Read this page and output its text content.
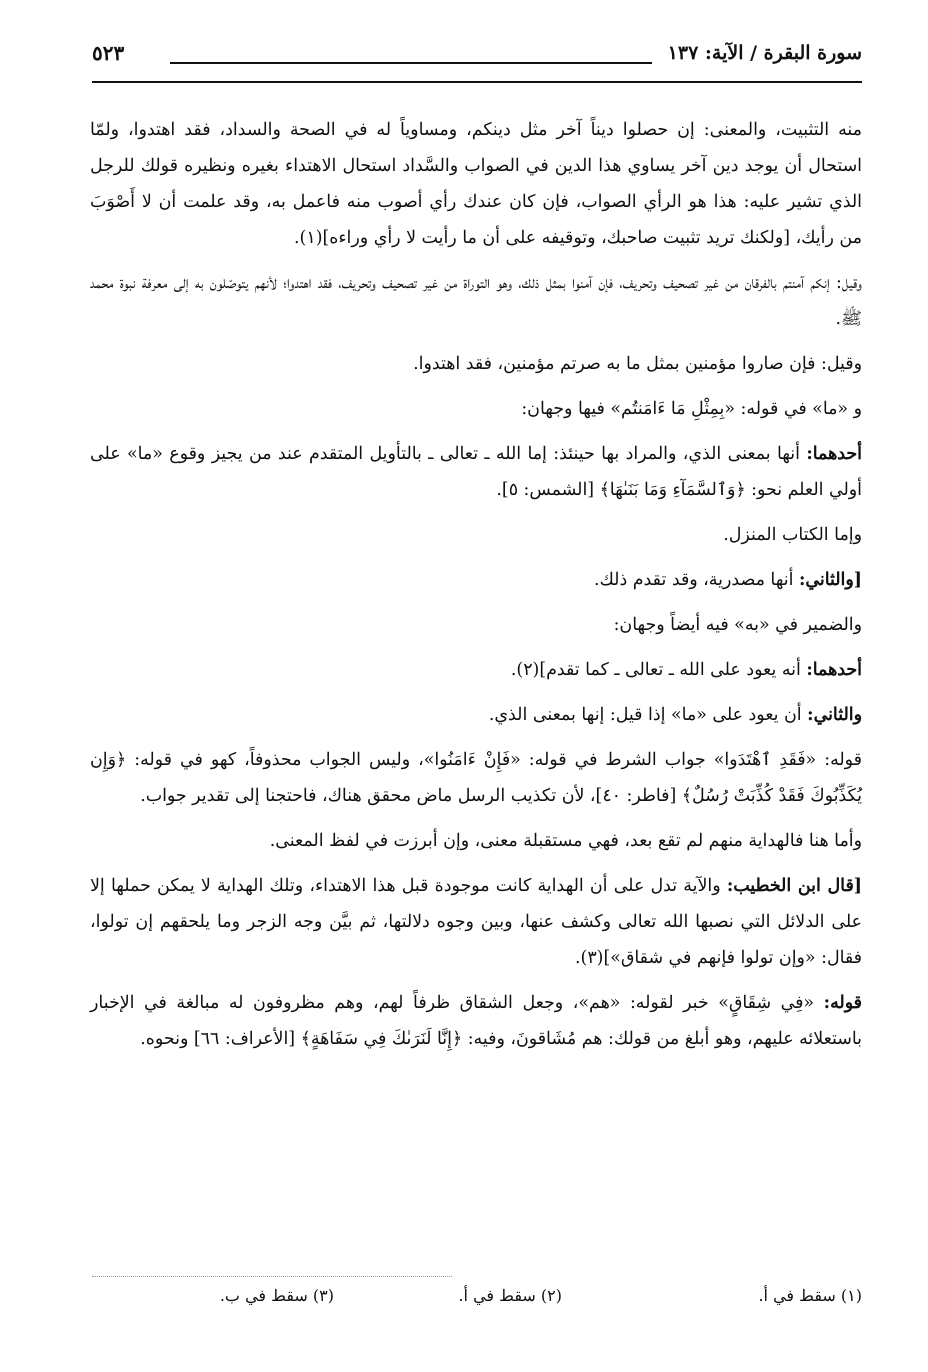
سورة البقرة / الآية: ١٣٧
٥٢٣

منه التثبيت، والمعنى: إن حصلوا ديناً آخر مثل دينكم، ومساوياً له في الصحة والسداد، فقد اهتدوا، ولمّا استحال أن يوجد دين آخر يساوي هذا الدين في الصواب والسَّداد استحال الاهتداء بغيره ونظيره قولك للرجل الذي تشير عليه: هذا هو الرأي الصواب، فإن كان عندك رأي أصوب منه فاعمل به، وقد علمت أن لا أَصْوَبَ من رأيك، [ولكنك تريد تثبيت صاحبك، وتوقيفه على أن ما رأيت لا رأي وراءه](١).

وقيل: إنكم آمنتم بالفرقان من غير تصحيف وتحريف، فإن آمنوا بمثل ذلك، وهو التوراة من غير تصحيف وتحريف، فقد اهتدوا؛ لأنهم يتوصّلون به إلى معرفة نبوة محمد ﷺ.

وقيل: فإن صاروا مؤمنين بمثل ما به صرتم مؤمنين، فقد اهتدوا.

و «ما» في قوله: «بِمِثْلِ مَا ءَامَنتُم» فيها وجهان:

أحدهما: أنها بمعنى الذي، والمراد بها حينئذ: إما الله ـ تعالى ـ بالتأويل المتقدم عند من يجيز وقوع «ما» على أولي العلم نحو: ﴿وَٱلسَّمَآءِ وَمَا بَنَىٰهَا﴾ [الشمس: ٥].

وإما الكتاب المنزل.

[والثاني: أنها مصدرية، وقد تقدم ذلك.

والضمير في «به» فيه أيضاً وجهان:

أحدهما: أنه يعود على الله ـ تعالى ـ كما تقدم](٢).

والثاني: أن يعود على «ما» إذا قيل: إنها بمعنى الذي.

قوله: «فَقَدِ ٱهْتَدَوا» جواب الشرط في قوله: «فَإِنْ ءَامَنُوا»، وليس الجواب محذوفاً، كهو في قوله: ﴿وَإِن يُكَذِّبُوكَ فَقَدْ كُذِّبَتْ رُسُلٌ﴾ [فاطر: ٤٠]، لأن تكذيب الرسل ماض محقق هناك، فاحتجنا إلى تقدير جواب.

وأما هنا فالهداية منهم لم تقع بعد، فهي مستقبلة معنى، وإن أبرزت في لفظ المعنى.

[قال ابن الخطيب: والآية تدل على أن الهداية كانت موجودة قبل هذا الاهتداء، وتلك الهداية لا يمكن حملها إلا على الدلائل التي نصبها الله تعالى وكشف عنها، وبين وجوه دلالتها، ثم بيَّن وجه الزجر وما يلحقهم إن تولوا، فقال: «وإن تولوا فإنهم في شقاق»](٣).

قوله: «فِي شِقَاقٍ» خبر لقوله: «هم»، وجعل الشقاق ظرفاً لهم، وهم مظروفون له مبالغة في الإخبار باستعلائه عليهم، وهو أبلغ من قولك: هم مُشَاقونَ، وفيه: ﴿إِنَّا لَنَرَىٰكَ فِي سَفَاهَةٍ﴾ [الأعراف: ٦٦] ونحوه.

(١) سقط في أ.
(٢) سقط في أ.
(٣) سقط في ب.
